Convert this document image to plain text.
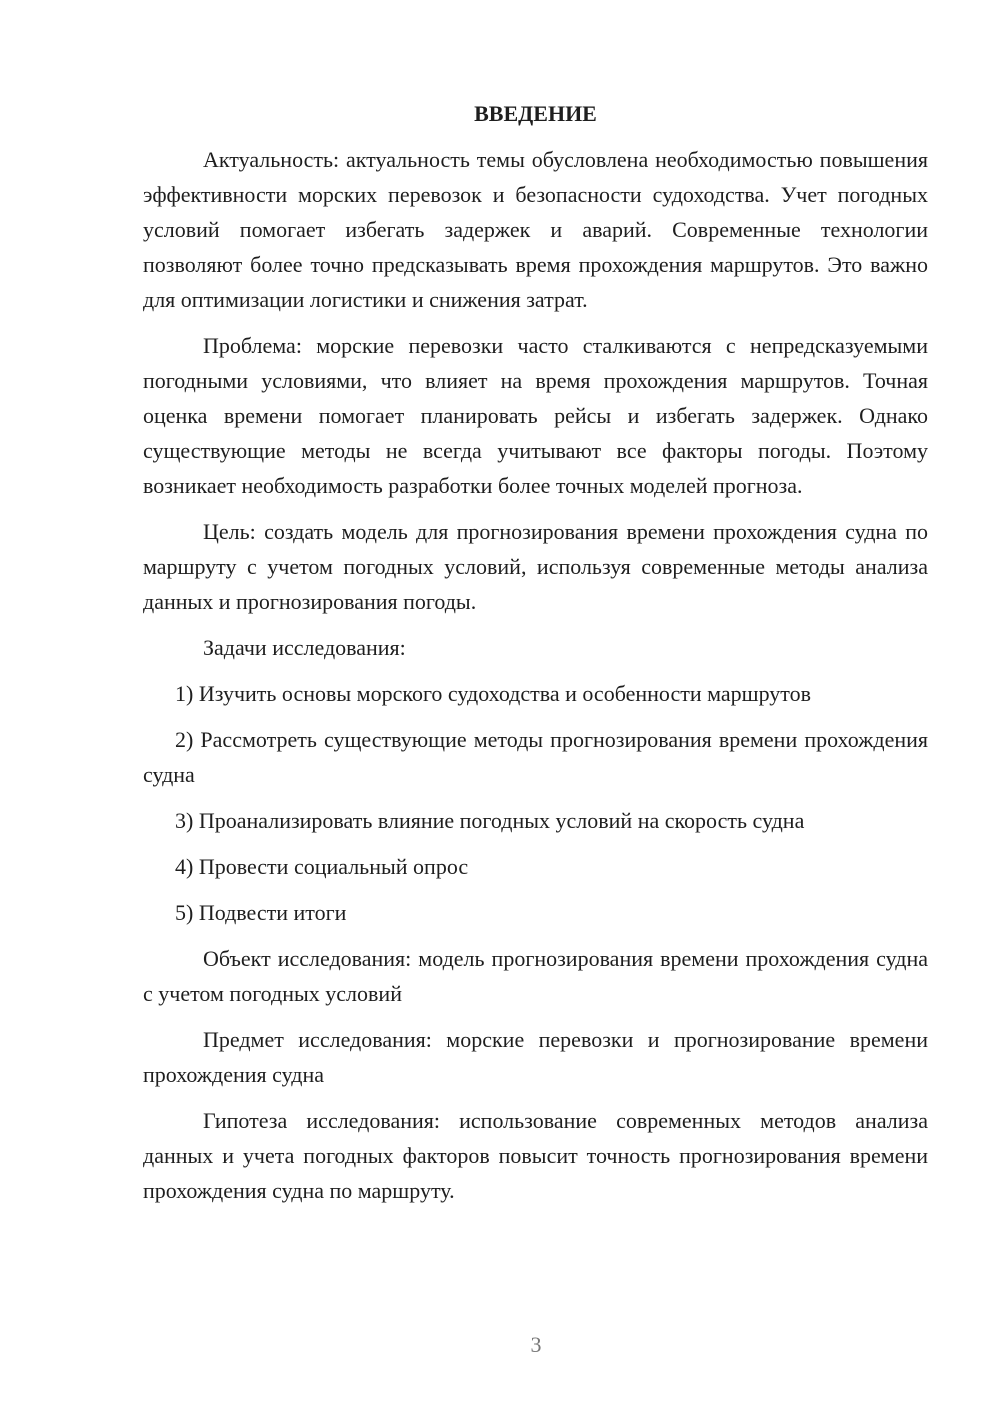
ВВЕДЕНИЕ

Актуальность: актуальность темы обусловлена необходимостью повышения эффективности морских перевозок и безопасности судоходства. Учет погодных условий помогает избегать задержек и аварий. Современные технологии позволяют более точно предсказывать время прохождения маршрутов. Это важно для оптимизации логистики и снижения затрат.

Проблема: морские перевозки часто сталкиваются с непредсказуемыми погодными условиями, что влияет на время прохождения маршрутов. Точная оценка времени помогает планировать рейсы и избегать задержек. Однако существующие методы не всегда учитывают все факторы погоды. Поэтому возникает необходимость разработки более точных моделей прогноза.

Цель: создать модель для прогнозирования времени прохождения судна по маршруту с учетом погодных условий, используя современные методы анализа данных и прогнозирования погоды.

Задачи исследования:

1) Изучить основы морского судоходства и особенности маршрутов

2) Рассмотреть существующие методы прогнозирования времени прохождения судна

3) Проанализировать влияние погодных условий на скорость судна

4) Провести социальный опрос

5) Подвести итоги

Объект исследования: модель прогнозирования времени прохождения судна с учетом погодных условий

Предмет исследования: морские перевозки и прогнозирование времени прохождения судна

Гипотеза исследования: использование современных методов анализа данных и учета погодных факторов повысит точность прогнозирования времени прохождения судна по маршруту.

3
